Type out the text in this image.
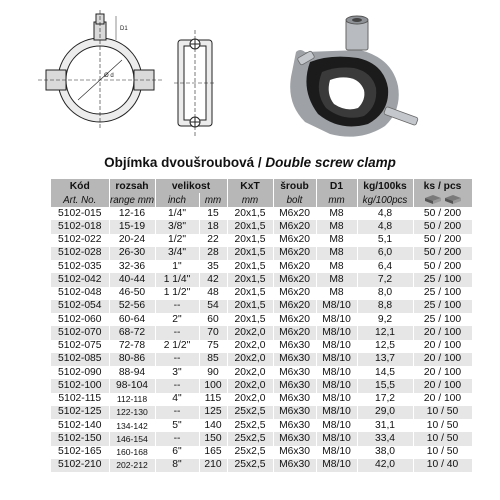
D1
Ø d
Objímka dvoušroubová / Double screw clamp
Kód	rozsah	velikost		KxT	šroub	D1	kg/100ks	ks / pcs
Art. No.	range mm	inch	mm	mm	bolt	mm	kg/100pcs	
5102-015	12-16	1/4"	15	20x1,5	M6x20	M8	4,8	50 / 200
5102-018	15-19	3/8"	18	20x1,5	M6x20	M8	4,8	50 / 200
5102-022	20-24	1/2"	22	20x1,5	M6x20	M8	5,1	50 / 200
5102-028	26-30	3/4"	28	20x1,5	M6x20	M8	6,0	50 / 200
5102-035	32-36	1"	35	20x1,5	M6x20	M8	6,4	50 / 200
5102-042	40-44	1 1/4"	42	20x1,5	M6x20	M8	7,2	25 / 100
5102-048	46-50	1 1/2"	48	20x1,5	M6x20	M8	8,0	25 / 100
5102-054	52-56	--	54	20x1,5	M6x20	M8/10	8,8	25 / 100
5102-060	60-64	2"	60	20x1,5	M6x20	M8/10	9,2	25 / 100
5102-070	68-72	--	70	20x2,0	M6x20	M8/10	12,1	20 / 100
5102-075	72-78	2 1/2"	75	20x2,0	M6x30	M8/10	12,5	20 / 100
5102-085	80-86	--	85	20x2,0	M6x30	M8/10	13,7	20 / 100
5102-090	88-94	3"	90	20x2,0	M6x30	M8/10	14,5	20 / 100
5102-100	98-104	--	100	20x2,0	M6x30	M8/10	15,5	20 / 100
5102-115	112-118	4"	115	20x2,0	M6x30	M8/10	17,2	20 / 100
5102-125	122-130	--	125	25x2,5	M6x30	M8/10	29,0	10 / 50
5102-140	134-142	5"	140	25x2,5	M6x30	M8/10	31,1	10 / 50
5102-150	146-154	--	150	25x2,5	M6x30	M8/10	33,4	10 / 50
5102-165	160-168	6"	165	25x2,5	M6x30	M8/10	38,0	10 / 50
5102-210	202-212	8"	210	25x2,5	M6x30	M8/10	42,0	10 / 40
